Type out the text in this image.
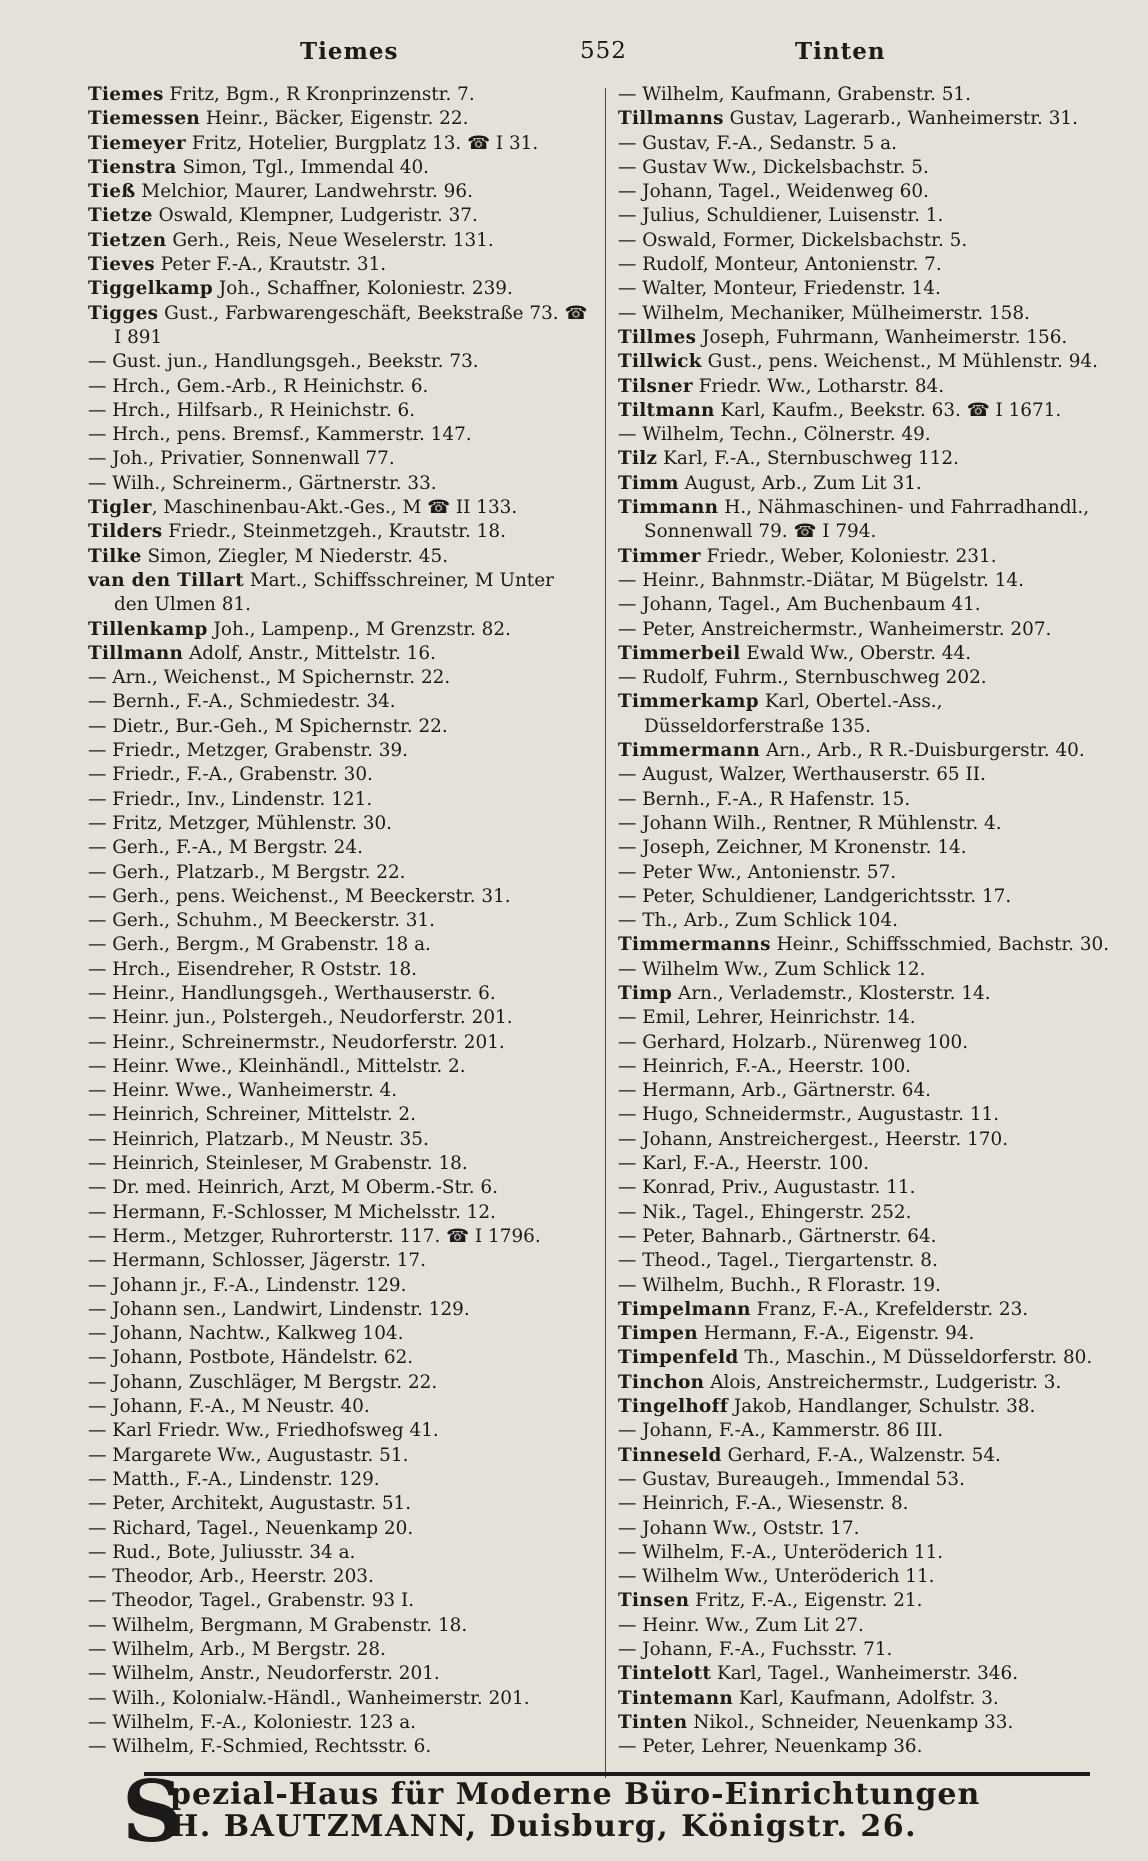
Tiemes	552	Tinten
Tiemes Fritz, Bgm., R Kronprinzenstr. 7.
Tiemessen Heinr., Bäcker, Eigenstr. 22.
Tiemeyer Fritz, Hotelier, Burgplatz 13. ☎ I 31.
Tienstra Simon, Tgl., Immendal 40.
Tieß Melchior, Maurer, Landwehrstr. 96.
Tietze Oswald, Klempner, Ludgeristr. 37.
Tietzen Gerh., Reis, Neue Weselerstr. 131.
Tieves Peter F.-A., Krautstr. 31.
Tiggelkamp Joh., Schaffner, Koloniestr. 239.
Tigges Gust., Farbwarengeschäft, Beekstraße 73. ☎ I 891
— Gust. jun., Handlungsgeh., Beekstr. 73.
— Hrch., Gem.-Arb., R Heinichstr. 6.
— Hrch., Hilfsarb., R Heinichstr. 6.
— Hrch., pens. Bremsf., Kammerstr. 147.
— Joh., Privatier, Sonnenwall 77.
— Wilh., Schreinerm., Gärtnerstr. 33.
Tigler, Maschinenbau-Akt.-Ges., M ☎ II 133.
Tilders Friedr., Steinmetzgeh., Krautstr. 18.
Tilke Simon, Ziegler, M Niederstr. 45.
van den Tillart Mart., Schiffsschreiner, M Unter den Ulmen 81.
Tillenkamp Joh., Lampenp., M Grenzstr. 82.
Tillmann Adolf, Anstr., Mittelstr. 16.
— Arn., Weichenst., M Spichernstr. 22.
— Bernh., F.-A., Schmiedestr. 34.
— Dietr., Bur.-Geh., M Spichernstr. 22.
— Friedr., Metzger, Grabenstr. 39.
— Friedr., F.-A., Grabenstr. 30.
— Friedr., Inv., Lindenstr. 121.
— Fritz, Metzger, Mühlenstr. 30.
— Gerh., F.-A., M Bergstr. 24.
— Gerh., Platzarb., M Bergstr. 22.
— Gerh., pens. Weichenst., M Beeckerstr. 31.
— Gerh., Schuhm., M Beeckerstr. 31.
— Gerh., Bergm., M Grabenstr. 18 a.
— Hrch., Eisendreher, R Oststr. 18.
— Heinr., Handlungsgeh., Werthauserstr. 6.
— Heinr. jun., Polstergeh., Neudorferstr. 201.
— Heinr., Schreinermstr., Neudorferstr. 201.
— Heinr. Wwe., Kleinhändl., Mittelstr. 2.
— Heinr. Wwe., Wanheimerstr. 4.
— Heinrich, Schreiner, Mittelstr. 2.
— Heinrich, Platzarb., M Neustr. 35.
— Heinrich, Steinleser, M Grabenstr. 18.
— Dr. med. Heinrich, Arzt, M Oberm.-Str. 6.
— Hermann, F.-Schlosser, M Michelsstr. 12.
— Herm., Metzger, Ruhrorterstr. 117. ☎ I 1796.
— Hermann, Schlosser, Jägerstr. 17.
— Johann jr., F.-A., Lindenstr. 129.
— Johann sen., Landwirt, Lindenstr. 129.
— Johann, Nachtw., Kalkweg 104.
— Johann, Postbote, Händelstr. 62.
— Johann, Zuschläger, M Bergstr. 22.
— Johann, F.-A., M Neustr. 40.
— Karl Friedr. Ww., Friedhofsweg 41.
— Margarete Ww., Augustastr. 51.
— Matth., F.-A., Lindenstr. 129.
— Peter, Architekt, Augustastr. 51.
— Richard, Tagel., Neuenkamp 20.
— Rud., Bote, Juliusstr. 34 a.
— Theodor, Arb., Heerstr. 203.
— Theodor, Tagel., Grabenstr. 93 I.
— Wilhelm, Bergmann, M Grabenstr. 18.
— Wilhelm, Arb., M Bergstr. 28.
— Wilhelm, Anstr., Neudorferstr. 201.
— Wilh., Kolonialw.-Händl., Wanheimerstr. 201.
— Wilhelm, F.-A., Koloniestr. 123 a.
— Wilhelm, F.-Schmied, Rechtsstr. 6.
— Wilhelm, Kaufmann, Grabenstr. 51.
Tillmanns Gustav, Lagerarb., Wanheimerstr. 31.
— Gustav, F.-A., Sedanstr. 5 a.
— Gustav Ww., Dickelsbachstr. 5.
— Johann, Tagel., Weidenweg 60.
— Julius, Schuldiener, Luisenstr. 1.
— Oswald, Former, Dickelsbachstr. 5.
— Rudolf, Monteur, Antonienstr. 7.
— Walter, Monteur, Friedenstr. 14.
— Wilhelm, Mechaniker, Mülheimerstr. 158.
Tillmes Joseph, Fuhrmann, Wanheimerstr. 156.
Tillwick Gust., pens. Weichenst., M Mühlenstr. 94.
Tilsner Friedr. Ww., Lotharstr. 84.
Tiltmann Karl, Kaufm., Beekstr. 63. ☎ I 1671.
— Wilhelm, Techn., Cölnerstr. 49.
Tilz Karl, F.-A., Sternbuschweg 112.
Timm August, Arb., Zum Lit 31.
Timmann H., Nähmaschinen- und Fahrradhandl., Sonnenwall 79. ☎ I 794.
Timmer Friedr., Weber, Koloniestr. 231.
— Heinr., Bahnmstr.-Diätar, M Bügelstr. 14.
— Johann, Tagel., Am Buchenbaum 41.
— Peter, Anstreichermstr., Wanheimerstr. 207.
Timmerbeil Ewald Ww., Oberstr. 44.
— Rudolf, Fuhrm., Sternbuschweg 202.
Timmerkamp Karl, Obertel.-Ass., Düsseldorferstraße 135.
Timmermann Arn., Arb., R R.-Duisburgerstr. 40.
— August, Walzer, Werthauserstr. 65 II.
— Bernh., F.-A., R Hafenstr. 15.
— Johann Wilh., Rentner, R Mühlenstr. 4.
— Joseph, Zeichner, M Kronenstr. 14.
— Peter Ww., Antonienstr. 57.
— Peter, Schuldiener, Landgerichtsstr. 17.
— Th., Arb., Zum Schlick 104.
Timmermanns Heinr., Schiffsschmied, Bachstr. 30.
— Wilhelm Ww., Zum Schlick 12.
Timp Arn., Verlademstr., Klosterstr. 14.
— Emil, Lehrer, Heinrichstr. 14.
— Gerhard, Holzarb., Nürenweg 100.
— Heinrich, F.-A., Heerstr. 100.
— Hermann, Arb., Gärtnerstr. 64.
— Hugo, Schneidermstr., Augustastr. 11.
— Johann, Anstreichergest., Heerstr. 170.
— Karl, F.-A., Heerstr. 100.
— Konrad, Priv., Augustastr. 11.
— Nik., Tagel., Ehingerstr. 252.
— Peter, Bahnarb., Gärtnerstr. 64.
— Theod., Tagel., Tiergartenstr. 8.
— Wilhelm, Buchh., R Florastr. 19.
Timpelmann Franz, F.-A., Krefelderstr. 23.
Timpen Hermann, F.-A., Eigenstr. 94.
Timpenfeld Th., Maschin., M Düsseldorferstr. 80.
Tinchon Alois, Anstreichermstr., Ludgeristr. 3.
Tingelhoff Jakob, Handlanger, Schulstr. 38.
— Johann, F.-A., Kammerstr. 86 III.
Tinneseld Gerhard, F.-A., Walzenstr. 54.
— Gustav, Bureaugeh., Immendal 53.
— Heinrich, F.-A., Wiesenstr. 8.
— Johann Ww., Oststr. 17.
— Wilhelm, F.-A., Unteröderich 11.
— Wilhelm Ww., Unteröderich 11.
Tinsen Fritz, F.-A., Eigenstr. 21.
— Heinr. Ww., Zum Lit 27.
— Johann, F.-A., Fuchsstr. 71.
Tintelott Karl, Tagel., Wanheimerstr. 346.
Tintemann Karl, Kaufmann, Adolfstr. 3.
Tinten Nikol., Schneider, Neuenkamp 33.
— Peter, Lehrer, Neuenkamp 36.
S
pezial-Haus für Moderne Büro-Einrichtungen
H. BAUTZMANN, Duisburg, Königstr. 26.
